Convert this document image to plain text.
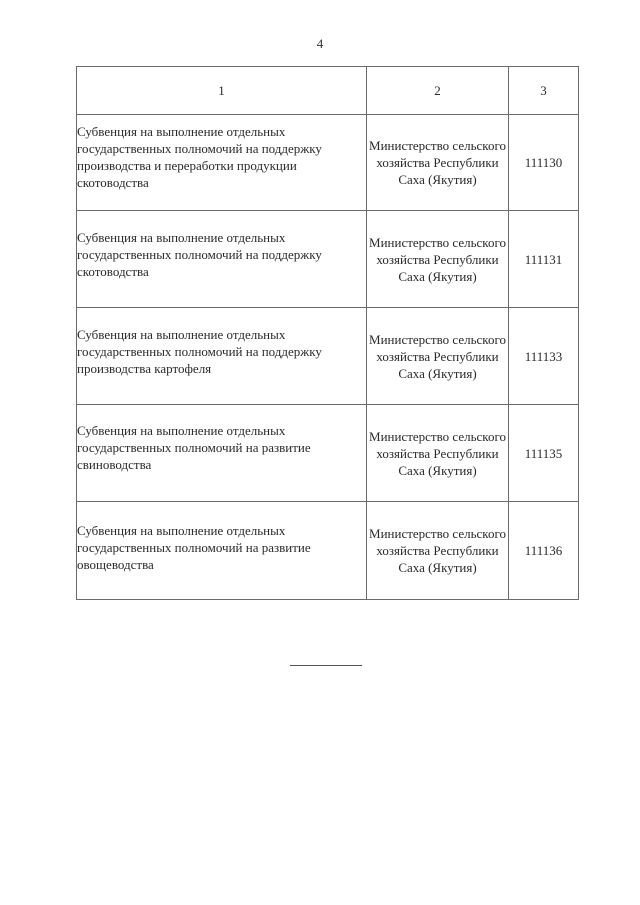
4
1	2	3

Субвенция на выполнение отдельных государственных полномочий на поддержку производства и переработки продукции скотоводства	Министерство сельского хозяйства Республики Саха (Якутия)	111130

Субвенция на выполнение отдельных государственных полномочий на поддержку скотоводства	Министерство сельского хозяйства Республики Саха (Якутия)	111131

Субвенция на выполнение отдельных государственных полномочий на поддержку производства картофеля	Министерство сельского хозяйства Республики Саха (Якутия)	111133

Субвенция на выполнение отдельных государственных полномочий на развитие свиноводства	Министерство сельского хозяйства Республики Саха (Якутия)	111135

Субвенция на выполнение отдельных государственных полномочий на развитие овощеводства	Министерство сельского хозяйства Республики Саха (Якутия)	111136
